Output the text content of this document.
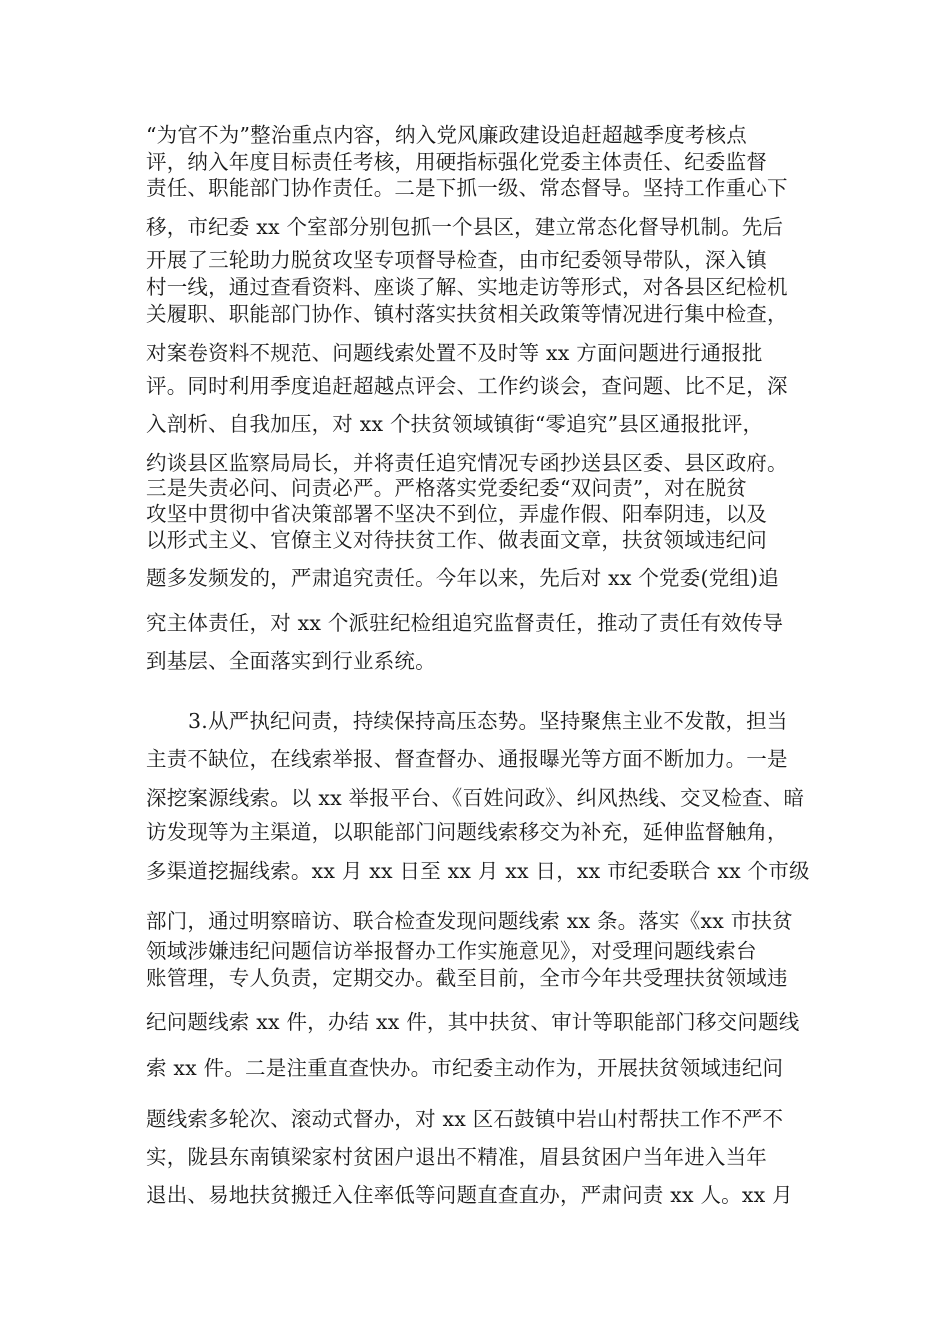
“为官不为”整治重点内容，纳入党风廉政建设追赶超越季度考核点
评，纳入年度目标责任考核，用硬指标强化党委主体责任、纪委监督
责任、职能部门协作责任。二是下抓一级、常态督导。坚持工作重心下
移，市纪委 xx 个室部分别包抓一个县区，建立常态化督导机制。先后
开展了三轮助力脱贫攻坚专项督导检查，由市纪委领导带队，深入镇
村一线，通过查看资料、座谈了解、实地走访等形式，对各县区纪检机
关履职、职能部门协作、镇村落实扶贫相关政策等情况进行集中检查，
对案卷资料不规范、问题线索处置不及时等 xx 方面问题进行通报批
评。同时利用季度追赶超越点评会、工作约谈会，查问题、比不足，深
入剖析、自我加压，对 xx 个扶贫领域镇街“零追究”县区通报批评，
约谈县区监察局局长，并将责任追究情况专函抄送县区委、县区政府。
三是失责必问、问责必严。严格落实党委纪委“双问责”，对在脱贫
攻坚中贯彻中省决策部署不坚决不到位，弄虚作假、阳奉阴违，以及
以形式主义、官僚主义对待扶贫工作、做表面文章，扶贫领域违纪问
题多发频发的，严肃追究责任。今年以来，先后对 xx 个党委(党组)追
究主体责任，对 xx 个派驻纪检组追究监督责任，推动了责任有效传导
到基层、全面落实到行业系统。
3.从严执纪问责，持续保持高压态势。坚持聚焦主业不发散，担当
主责不缺位，在线索举报、督查督办、通报曝光等方面不断加力。一是
深挖案源线索。以 xx 举报平台、《百姓问政》、纠风热线、交叉检查、暗
访发现等为主渠道，以职能部门问题线索移交为补充，延伸监督触角，
多渠道挖掘线索。xx 月 xx 日至 xx 月 xx 日，xx 市纪委联合 xx 个市级
部门，通过明察暗访、联合检查发现问题线索 xx 条。落实《xx 市扶贫
领域涉嫌违纪问题信访举报督办工作实施意见》，对受理问题线索台
账管理，专人负责，定期交办。截至目前，全市今年共受理扶贫领域违
纪问题线索 xx 件，办结 xx 件，其中扶贫、审计等职能部门移交问题线
索 xx 件。二是注重直查快办。市纪委主动作为，开展扶贫领域违纪问
题线索多轮次、滚动式督办，对 xx 区石鼓镇中岩山村帮扶工作不严不
实，陇县东南镇梁家村贫困户退出不精准，眉县贫困户当年进入当年
退出、易地扶贫搬迁入住率低等问题直查直办，严肃问责 xx 人。xx 月
